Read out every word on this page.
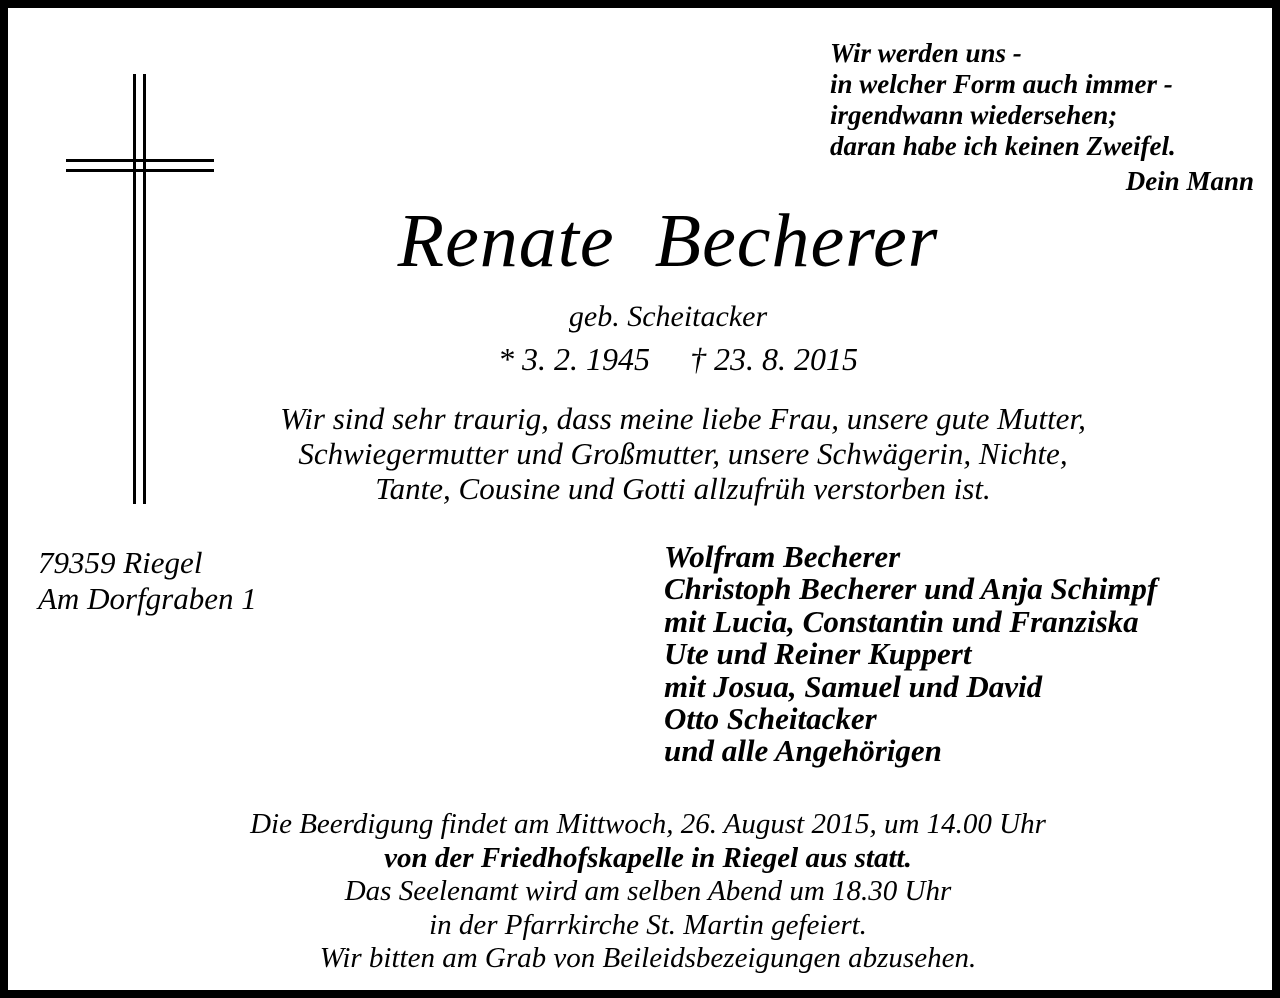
Wir werden uns -
in welcher Form auch immer -
irgendwann wiedersehen;
daran habe ich keinen Zweifel.
Dein Mann
Renate  Becherer
geb. Scheitacker
* 3. 2. 1945     † 23. 8. 2015
Wir sind sehr traurig, dass meine liebe Frau, unsere gute Mutter,
Schwiegermutter und Großmutter, unsere Schwägerin, Nichte,
Tante, Cousine und Gotti allzufrüh verstorben ist.
79359 Riegel
Am Dorfgraben 1
Wolfram Becherer
Christoph Becherer und Anja Schimpf
mit Lucia, Constantin und Franziska
Ute und Reiner Kuppert
mit Josua, Samuel und David
Otto Scheitacker
und alle Angehörigen
Die Beerdigung findet am Mittwoch, 26. August 2015, um 14.00 Uhr
von der Friedhofskapelle in Riegel aus statt.
Das Seelenamt wird am selben Abend um 18.30 Uhr
in der Pfarrkirche St. Martin gefeiert.
Wir bitten am Grab von Beileidsbezeigungen abzusehen.
